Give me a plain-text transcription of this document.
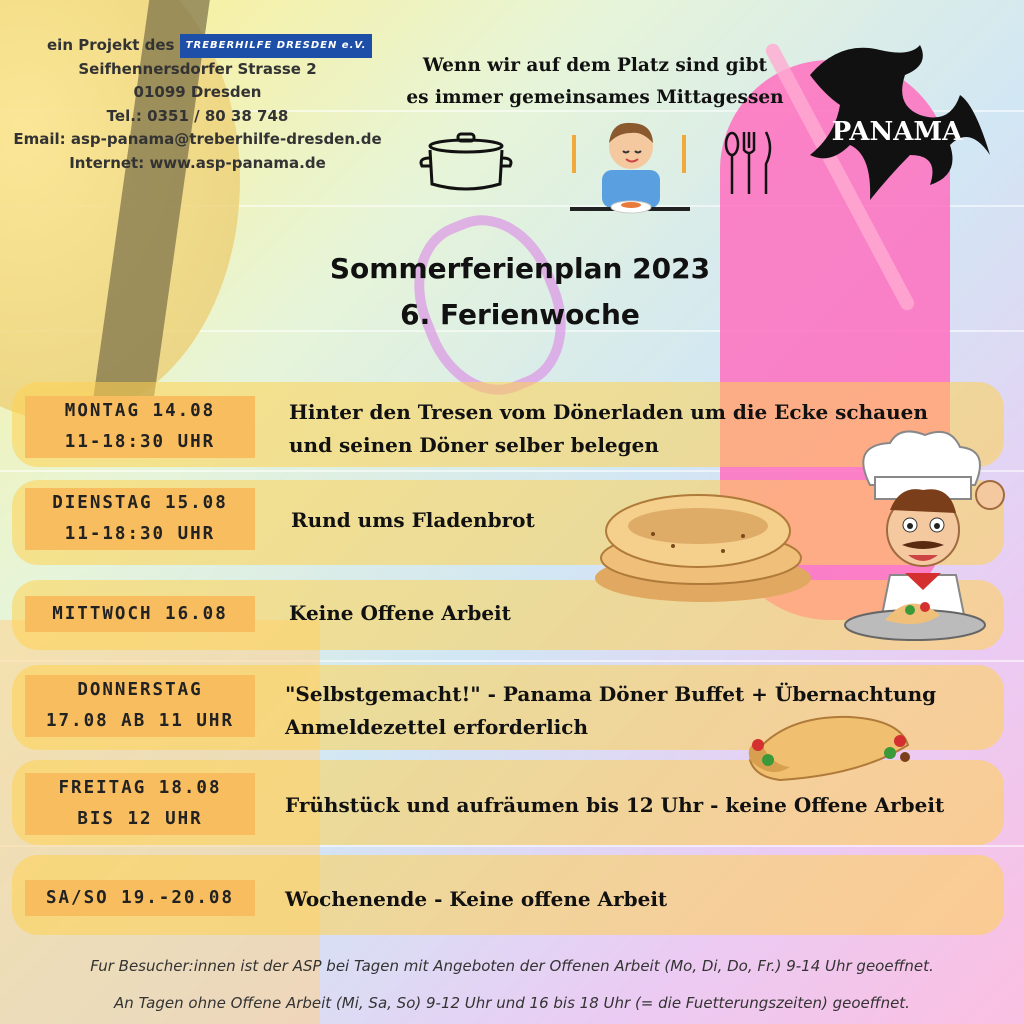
ein Projekt des TREBERHILFE DRESDEN e.V.
Seifhennersdorfer Strasse 2
01099 Dresden
Tel.: 0351 / 80 38 748
Email: asp-panama@treberhilfe-dresden.de
Internet: www.asp-panama.de
Wenn wir auf dem Platz sind gibt
es immer gemeinsames Mittagessen
PANAMA
Sommerferienplan 2023
6. Ferienwoche
MONTAG 14.08
11-18:30 UHR
Hinter den Tresen vom Dönerladen um die Ecke schauen
und seinen Döner selber belegen
DIENSTAG 15.08
11-18:30 UHR
Rund ums Fladenbrot
MITTWOCH 16.08	Keine Offene Arbeit
DONNERSTAG
17.08 AB 11 UHR
"Selbstgemacht!" - Panama Döner Buffet + Übernachtung
Anmeldezettel erforderlich
FREITAG 18.08
BIS 12 UHR
Frühstück und aufräumen bis 12 Uhr - keine Offene Arbeit
SA/SO 19.-20.08	Wochenende - Keine offene Arbeit
Fur Besucher:innen ist der ASP bei Tagen mit Angeboten der Offenen Arbeit (Mo, Di, Do, Fr.) 9-14 Uhr geoeffnet.
An Tagen ohne Offene Arbeit (Mi, Sa, So) 9-12 Uhr und 16 bis 18 Uhr (= die Fuetterungszeiten) geoeffnet.
